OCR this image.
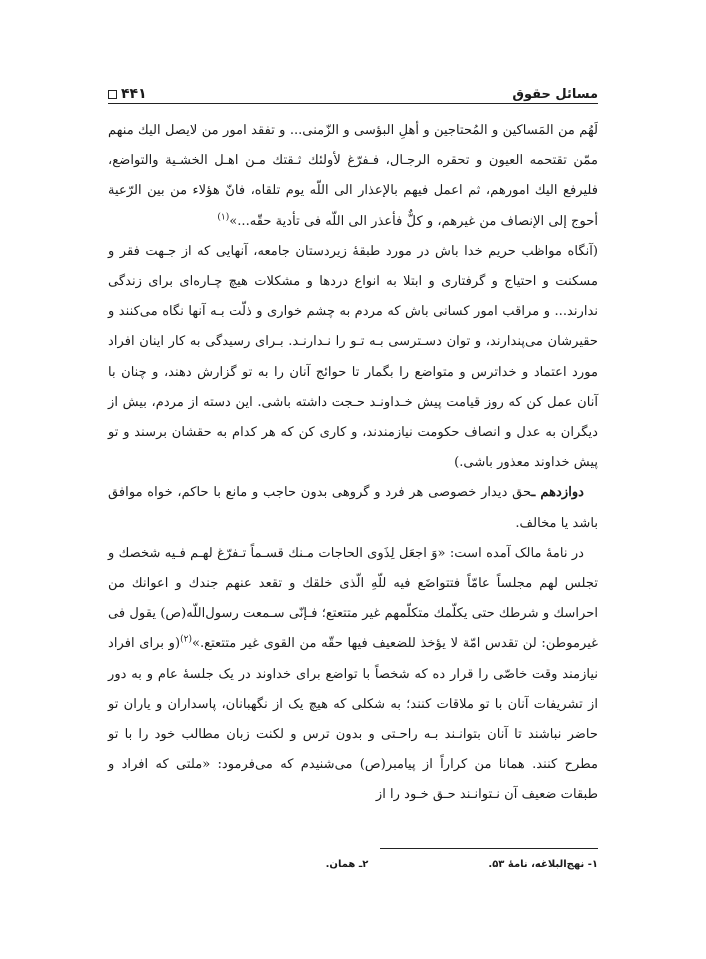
مسائل حقوق
۴۴۱

لَهُم من المَساكين و المُحتاجين و أهلِ البؤسی و الزّمنی... و تفقد امور من لايصل اليك منهم ممّن تقتحمه العيون و تحقره الرجـال، فـفرّغ لأولئك ثـقتك مـن اهـل الخشـية والتواضع، فليرفع اليك امورهم، ثم اعمل فيهم بالإعذار الی اللّه يوم تلقاه، فانّ هؤلاء من بين الرّعية أحوج إلی الإنصاف من غيرهم، و كلٌّ فأعذر الی اللّه فی تأدية حقّه...»$^{(۱)}$

(آنگاه مواظب حريم خدا باش در مورد طبقهٔ زيردستان جامعه، آنهايی كه از جـهت فقر و مسكنت و احتياج و گرفتاری و ابتلا به انواع دردها و مشكلات هيچ چـاره‌ای برای زندگی ندارند... و مراقب امور كسانی باش كه مردم به چشم خواری و ذلّت بـه آنها نگاه می‌كنند و حقيرشان می‌پندارند، و توان دسـترسی بـه تـو را نـدارنـد. بـرای رسيدگی به كار اينان افراد مورد اعتماد و خداترس و متواضع را بگمار تا حوائج آنان را به تو گزارش دهند، و چنان با آنان عمل كن كه روز قيامت پيش خـداونـد حـجت داشته باشی. اين دسته از مردم، بيش از ديگران به عدل و انصاف حكومت نيازمندند، و كاری كن كه هر كدام به حقشان برسند و تو پيش خداوند معذور باشی.)

دوازدهم ـحق ديدار خصوصی هر فرد و گروهی بدون حاجب و مانع با حاكم، خواه موافق باشد يا مخالف.

در نامهٔ مالک آمده است: «وَ اجعَل لِذَوی الحاجات مـنك قسـماً تـفرّغ لهـم فـيه شخصك و تجلس لهم مجلساً عامّاً فتتواضَع فيه للّهِ الّذی خلقك و تقعد عنهم جندك و اعوانك من احراسك و شرطك حتی يكلّمك متكلّمهم غير متتعتع؛ فـإنّی سـمعت رسول‌اللّه(ص) يقول فی غيرموطن: لن تقدس امّة لا يؤخذ للضعيف فيها حقّه من القوی غير متتعتع.»$^{(۲)}$(و برای افراد نيازمند وقت خاصّی را قرار ده كه شخصاً با تواضع برای خداوند در يک جلسهٔ عام و به دور از تشريفات آنان با تو ملاقات كنند؛ به شكلی كه هيچ يک از نگهبانان، پاسداران و ياران تو حاضر نباشند تا آنان بتوانـند بـه راحـتی و بدون ترس و لكنت زبان مطالب خود را با تو مطرح كنند. همانا من كراراً از پيامبر(ص) می‌شنيدم كه می‌فرمود: «ملتی كه افراد و طبقات ضعيف آن نـتوانـند حـق خـود را از

۱- نهج‌البلاغه، نامهٔ ۵۳.
۲ـ همان.
